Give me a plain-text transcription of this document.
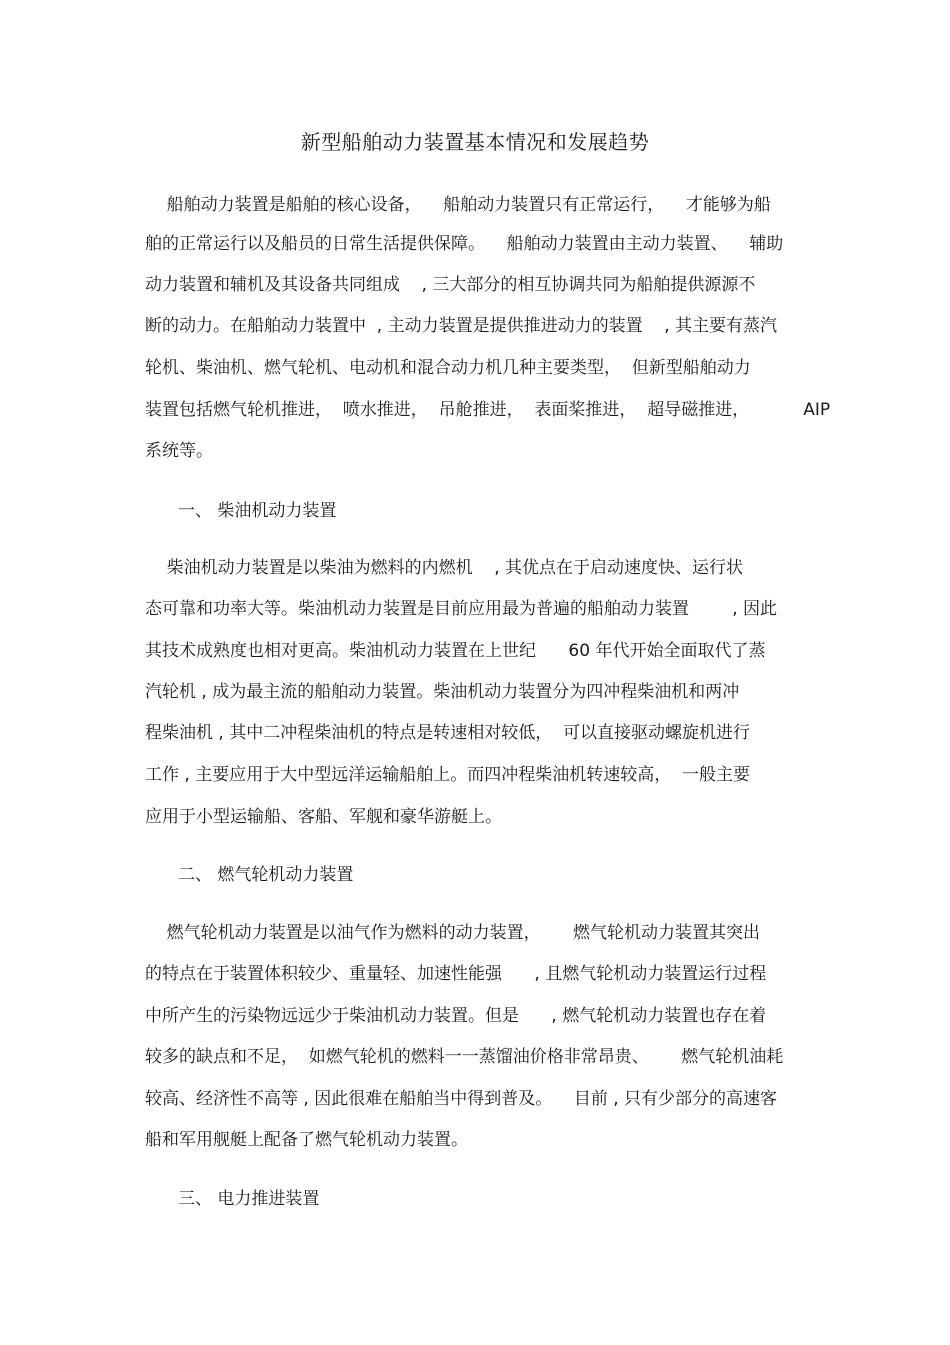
新型船舶动力装置基本情况和发展趋势
船舶动力装置是船舶的核心设备，    船舶动力装置只有正常运行，    才能够为船
舶的正常运行以及船员的日常生活提供保障。    船舶动力装置由主动力装置、    辅助
动力装置和辅机及其设备共同组成    , 三大部分的相互协调共同为船舶提供源源不
断的动力。在船舶动力装置中  , 主动力装置是提供推进动力的装置    , 其主要有蒸汽
轮机、柴油机、燃气轮机、电动机和混合动力机几种主要类型，  但新型船舶动力
装置包括燃气轮机推进，  喷水推进，  吊舱推进，  表面桨推进，  超导磁推进，          AIP
系统等。
一、 柴油机动力装置
柴油机动力装置是以柴油为燃料的内燃机    , 其优点在于启动速度快、运行状
态可靠和功率大等。柴油机动力装置是目前应用最为普遍的船舶动力装置        , 因此
其技术成熟度也相对更高。柴油机动力装置在上世纪      60 年代开始全面取代了蒸
汽轮机 , 成为最主流的船舶动力装置。柴油机动力装置分为四冲程柴油机和两冲
程柴油机 , 其中二冲程柴油机的特点是转速相对较低，  可以直接驱动螺旋机进行
工作 , 主要应用于大中型远洋运输船舶上。而四冲程柴油机转速较高，  一般主要
应用于小型运输船、客船、军舰和豪华游艇上。
二、 燃气轮机动力装置
燃气轮机动力装置是以油气作为燃料的动力装置，      燃气轮机动力装置其突出
的特点在于装置体积较少、重量轻、加速性能强      , 且燃气轮机动力装置运行过程
中所产生的污染物远远少于柴油机动力装置。但是      , 燃气轮机动力装置也存在着
较多的缺点和不足，  如燃气轮机的燃料一一蒸馏油价格非常昂贵、      燃气轮机油耗
较高、经济性不高等 , 因此很难在船舶当中得到普及。    目前 , 只有少部分的高速客
船和军用舰艇上配备了燃气轮机动力装置。
三、 电力推进装置
